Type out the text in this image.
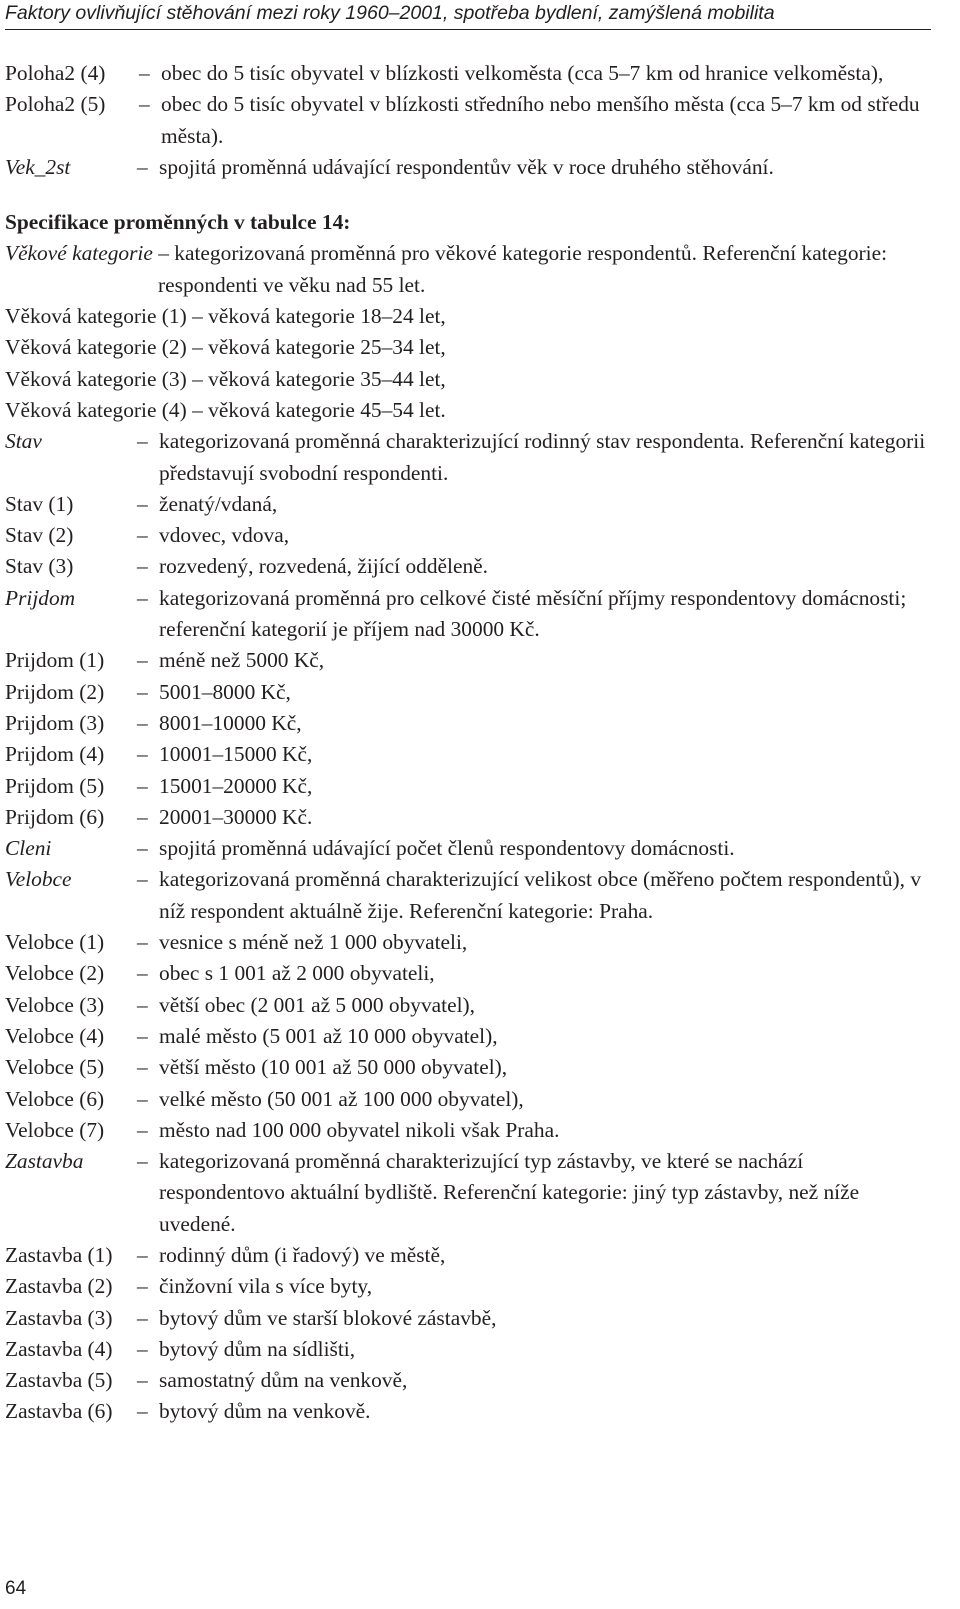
Faktory ovlivňující stěhování mezi roky 1960–2001, spotřeba bydlení, zamýšlená mobilita
Poloha2 (4)	– obec do 5 tisíc obyvatel v blízkosti velkoměsta (cca 5–7 km od hranice velkoměsta),
Poloha2 (5)	– obec do 5 tisíc obyvatel v blízkosti středního nebo menšího města (cca 5–7 km od středu města).
Vek_2st	– spojitá proměnná udávající respondentův věk v roce druhého stěhování.
Specifikace proměnných v tabulce 14:
Věkové kategorie – kategorizovaná proměnná pro věkové kategorie respondentů. Referenční kategorie: respondenti ve věku nad 55 let.
Věková kategorie (1) – věková kategorie 18–24 let,
Věková kategorie (2) – věková kategorie 25–34 let,
Věková kategorie (3) – věková kategorie 35–44 let,
Věková kategorie (4) – věková kategorie 45–54 let.
Stav	– kategorizovaná proměnná charakterizující rodinný stav respondenta. Referenční kategorii představují svobodní respondenti.
Stav (1)	– ženatý/vdaná,
Stav (2)	– vdovec, vdova,
Stav (3)	– rozvedený, rozvedená, žijící odděleně.
Prijdom	– kategorizovaná proměnná pro celkové čisté měsíční příjmy respondentovy domácnosti; referenční kategorií je příjem nad 30000 Kč.
Prijdom (1)	– méně než 5000 Kč,
Prijdom (2)	– 5001–8000 Kč,
Prijdom (3)	– 8001–10000 Kč,
Prijdom (4)	– 10001–15000 Kč,
Prijdom (5)	– 15001–20000 Kč,
Prijdom (6)	– 20001–30000 Kč.
Cleni	– spojitá proměnná udávající počet členů respondentovy domácnosti.
Velobce	– kategorizovaná proměnná charakterizující velikost obce (měřeno počtem respondentů), v níž respondent aktuálně žije. Referenční kategorie: Praha.
Velobce (1)	– vesnice s méně než 1 000 obyvateli,
Velobce (2)	– obec s 1 001 až 2 000 obyvateli,
Velobce (3)	– větší obec (2 001 až 5 000 obyvatel),
Velobce (4)	– malé město (5 001 až 10 000 obyvatel),
Velobce (5)	– větší město (10 001 až 50 000 obyvatel),
Velobce (6)	– velké město (50 001 až 100 000 obyvatel),
Velobce (7)	– město nad 100 000 obyvatel nikoli však Praha.
Zastavba	– kategorizovaná proměnná charakterizující typ zástavby, ve které se nachází respondentovo aktuální bydliště. Referenční kategorie: jiný typ zástavby, než níže uvedené.
Zastavba (1)	– rodinný dům (i řadový) ve městě,
Zastavba (2)	– činžovní vila s více byty,
Zastavba (3)	– bytový dům ve starší blokové zástavbě,
Zastavba (4)	– bytový dům na sídlišti,
Zastavba (5)	– samostatný dům na venkově,
Zastavba (6)	– bytový dům na venkově.
64
